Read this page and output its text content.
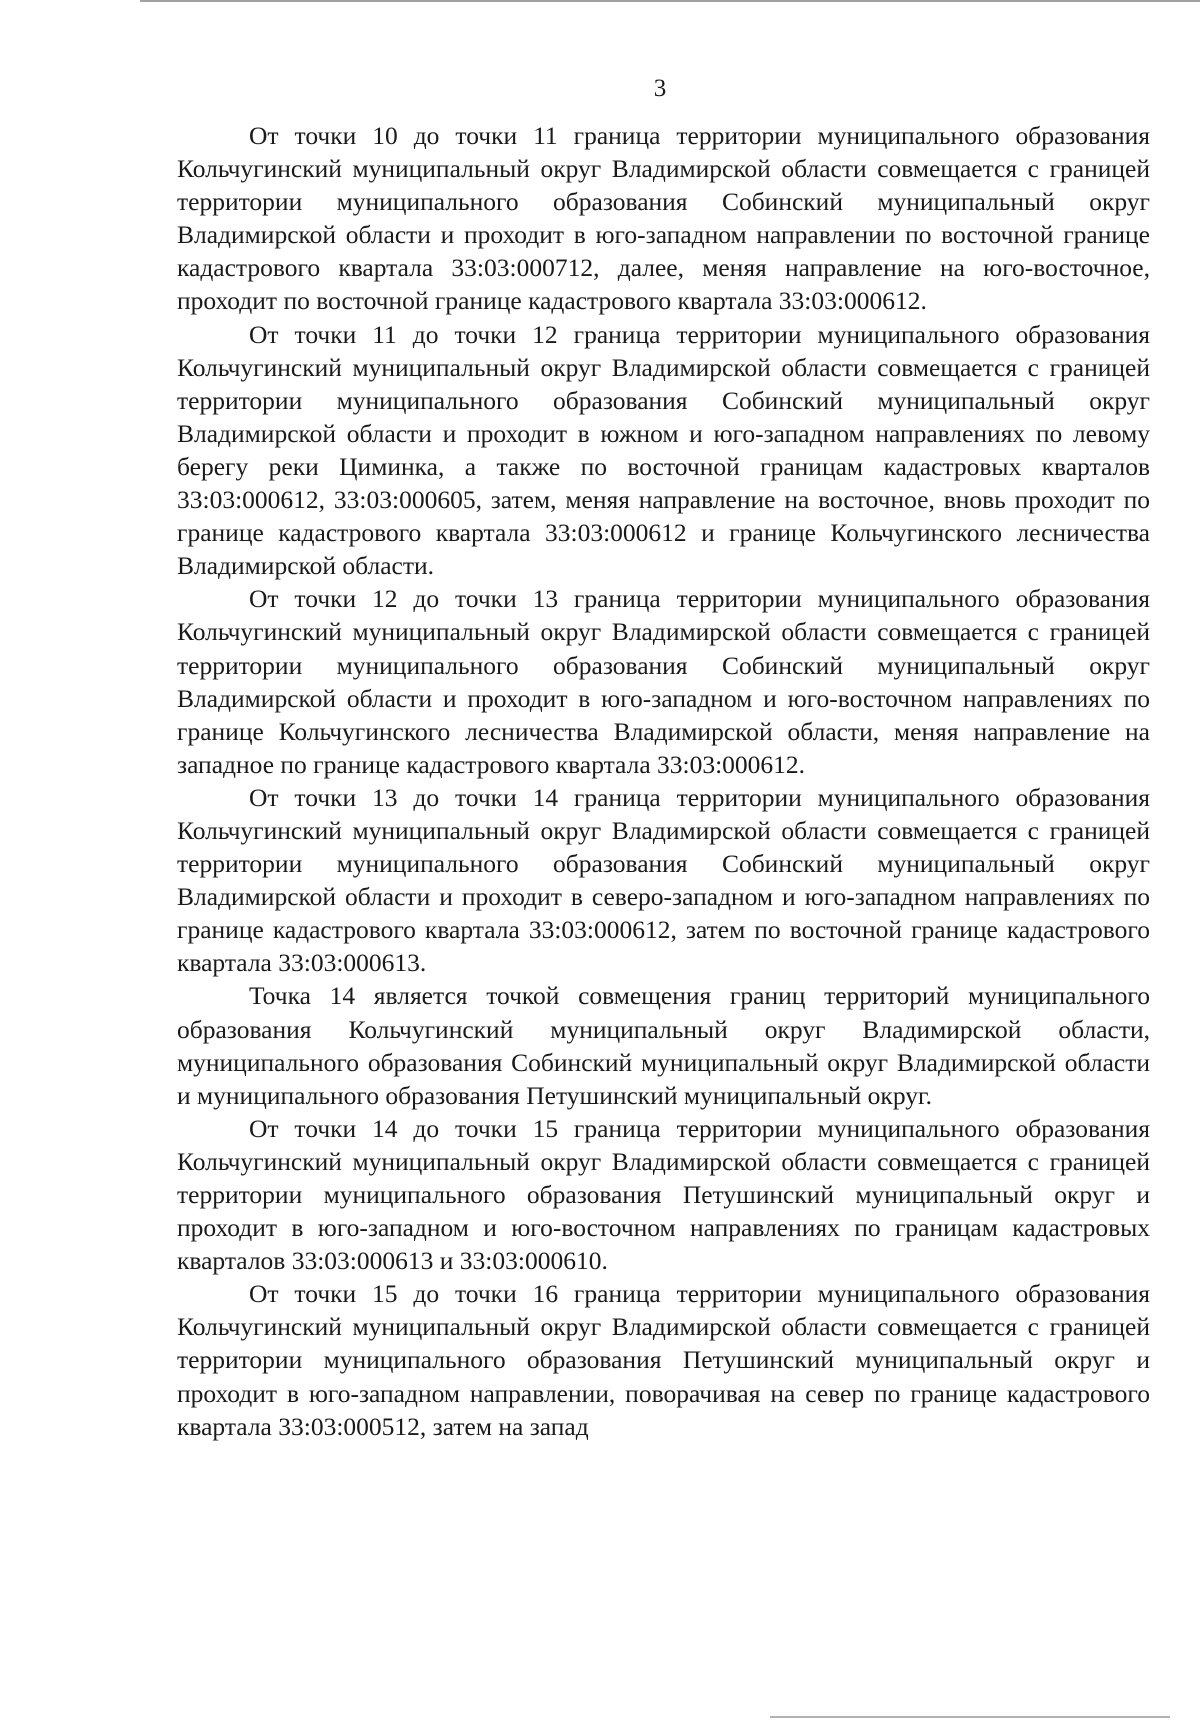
3

От точки 10 до точки 11 граница территории муниципального образования Кольчугинский муниципальный округ Владимирской области совмещается с границей территории муниципального образования Собинский муниципальный округ Владимирской области и проходит в юго-западном направлении по восточной границе кадастрового квартала 33:03:000712, далее, меняя направление на юго-восточное, проходит по восточной границе кадастрового квартала 33:03:000612.

От точки 11 до точки 12 граница территории муниципального образования Кольчугинский муниципальный округ Владимирской области совмещается с границей территории муниципального образования Собинский муниципальный округ Владимирской области и проходит в южном и юго-западном направлениях по левому берегу реки Циминка, а также по восточной границам кадастровых кварталов 33:03:000612, 33:03:000605, затем, меняя направление на восточное, вновь проходит по границе кадастрового квартала 33:03:000612 и границе Кольчугинского лесничества Владимирской области.

От точки 12 до точки 13 граница территории муниципального образования Кольчугинский муниципальный округ Владимирской области совмещается с границей территории муниципального образования Собинский муниципальный округ Владимирской области и проходит в юго-западном и юго-восточном направлениях по границе Кольчугинского лесничества Владимирской области, меняя направление на западное по границе кадастрового квартала 33:03:000612.

От точки 13 до точки 14 граница территории муниципального образования Кольчугинский муниципальный округ Владимирской области совмещается с границей территории муниципального образования Собинский муниципальный округ Владимирской области и проходит в северо-западном и юго-западном направлениях по границе кадастрового квартала 33:03:000612, затем по восточной границе кадастрового квартала 33:03:000613.

Точка 14 является точкой совмещения границ территорий муниципального образования Кольчугинский муниципальный округ Владимирской области, муниципального образования Собинский муниципальный округ Владимирской области и муниципального образования Петушинский муниципальный округ.

От точки 14 до точки 15 граница территории муниципального образования Кольчугинский муниципальный округ Владимирской области совмещается с границей территории муниципального образования Петушинский муниципальный округ и проходит в юго-западном и юго-восточном направлениях по границам кадастровых кварталов 33:03:000613 и 33:03:000610.

От точки 15 до точки 16 граница территории муниципального образования Кольчугинский муниципальный округ Владимирской области совмещается с границей территории муниципального образования Петушинский муниципальный округ и проходит в юго-западном направлении, поворачивая на север по границе кадастрового квартала 33:03:000512, затем на запад
